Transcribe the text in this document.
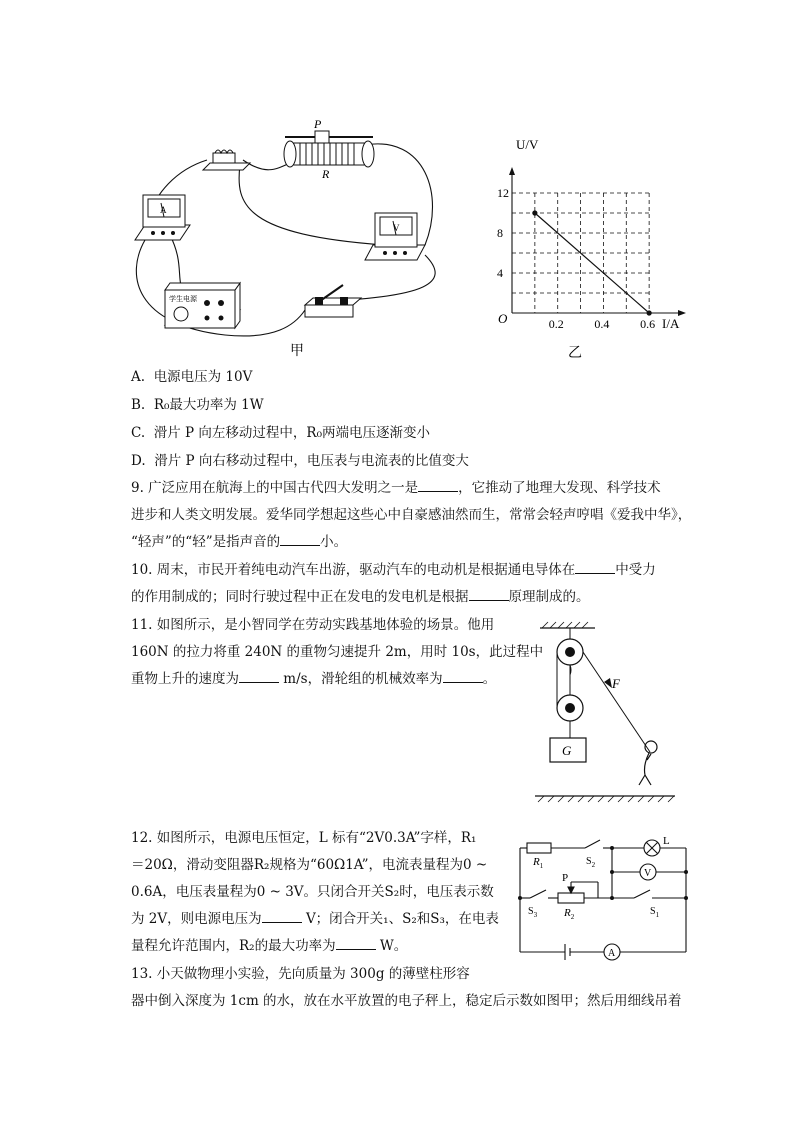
P
R
A
V
学生电源
甲
0.2	0.4	0.6
4
8
12
U/V
I/A
O
乙
A. 电源电压为 10V
B. R₀最大功率为 1W
C. 滑片 P 向左移动过程中，R₀两端电压逐渐变小
D. 滑片 P 向右移动过程中，电压表与电流表的比值变大
9. 广泛应用在航海上的中国古代四大发明之一是	，它推动了地理大发现、科学技术
进步和人类文明发展。爱华同学想起这些心中自豪感油然而生，常常会轻声哼唱《爱我中华》，
“轻声”的“轻”是指声音的	小。
10. 周末，市民开着纯电动汽车出游，驱动汽车的电动机是根据通电导体在	中受力
的作用制成的；同时行驶过程中正在发电的发电机是根据	原理制成的。
11. 如图所示，是小智同学在劳动实践基地体验的场景。他用
160N 的拉力将重 240N 的重物匀速提升 2m，用时 10s，此过程中
重物上升的速度为	m/s，滑轮组的机械效率为	。
G
F
12. 如图所示，电源电压恒定，L 标有“2V0.3A”字样，R₁
＝20Ω，滑动变阻器R₂规格为“60Ω1A”，电流表量程为0 ~
0.6A，电压表量程为0 ~ 3V。只闭合开关S₂时，电压表示数
为 2V，则电源电压为	V；闭合开关₁、S₂和S₃，在电表
量程允许范围内，R₂的最大功率为	W。
$R_1$	$S_2$
L
V
P
$S_3$ $R_2$	$S_1$
A
13. 小天做物理小实验，先向质量为 300g 的薄壁柱形容
器中倒入深度为 1cm 的水，放在水平放置的电子秤上，稳定后示数如图甲；然后用细线吊着
